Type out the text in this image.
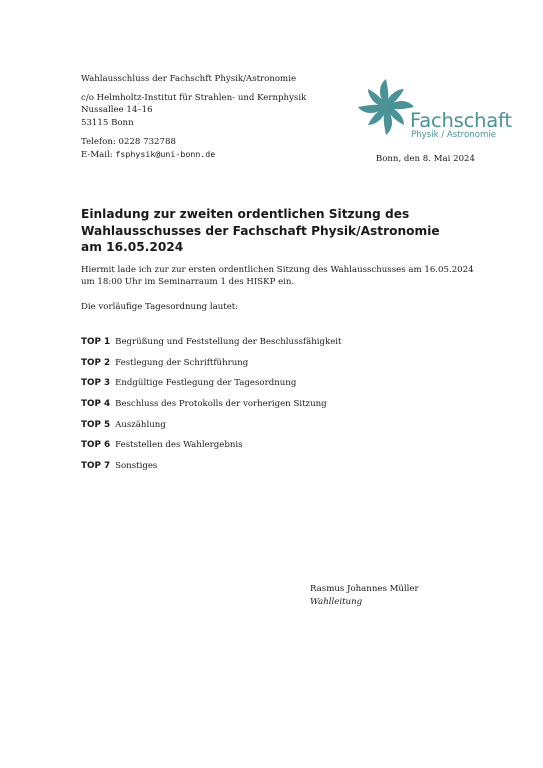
Wahlausschluss der Fachschft Physik/Astronomie
c/o Helmholtz-Institut für Strahlen- und Kernphysik
Nussallee 14–16
53115 Bonn
Telefon: 0228 732788
E-Mail: fsphysik@uni-bonn.de
Fachschaft
Physik / Astronomie
Bonn, den 8. Mai 2024
Einladung zur zweiten ordentlichen Sitzung des Wahlausschusses der Fachschaft Physik/Astronomie am 16.05.2024
Hiermit lade ich zur zur ersten ordentlichen Sitzung des Wahlausschusses am 16.05.2024 um 18:00 Uhr im Seminarraum 1 des HISKP ein.
Die vorläufige Tagesordnung lautet:
TOP 1 Begrüßung und Feststellung der Beschlussfähigkeit
TOP 2 Festlegung der Schriftführung
TOP 3 Endgültige Festlegung der Tagesordnung
TOP 4 Beschluss des Protokolls der vorherigen Sitzung
TOP 5 Auszählung
TOP 6 Feststellen des Wahlergebnis
TOP 7 Sonstiges
Rasmus Johannes Müller
Wahlleitung
